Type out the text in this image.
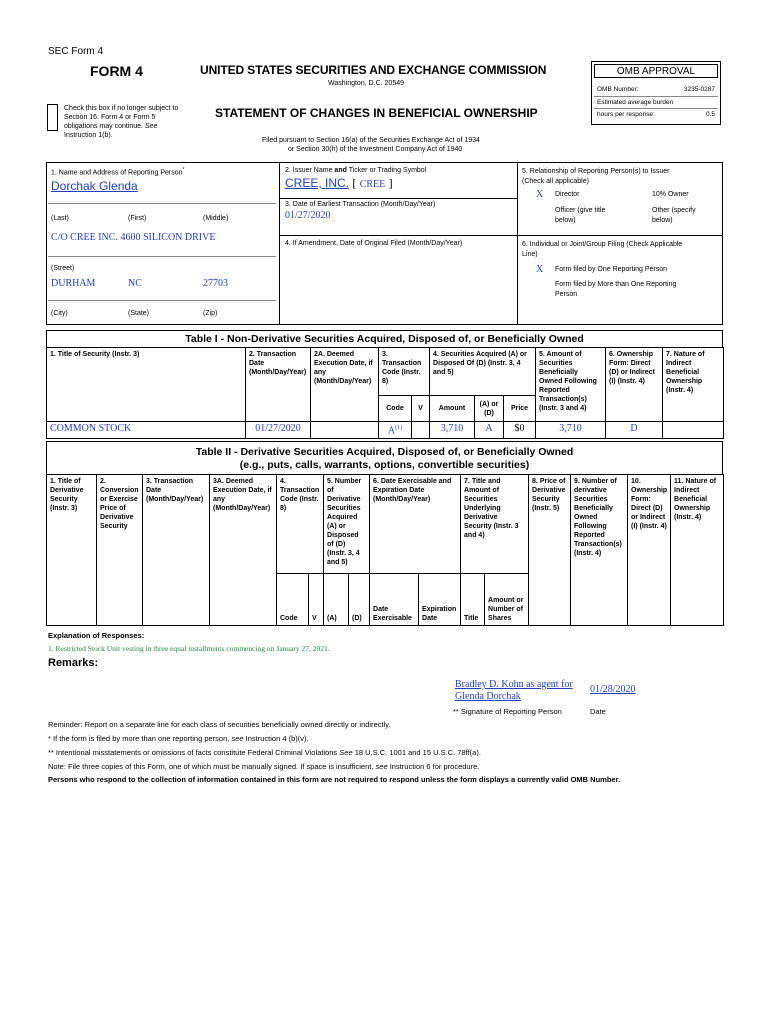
SEC Form 4
FORM 4	UNITED STATES SECURITIES AND EXCHANGE COMMISSION
Washington, D.C. 20549
Check this box if no longer subject to
Section 16. Form 4 or Form 5
obligations may continue. See
Instruction 1(b).
STATEMENT OF CHANGES IN BENEFICIAL OWNERSHIP
Filed pursuant to Section 16(a) of the Securities Exchange Act of 1934
or Section 30(h) of the Investment Company Act of 1940
OMB APPROVAL
OMB Number:	3235-0287
Estimated average burden
hours per response:	0.5
1. Name and Address of Reporting Person*
Dorchak Glenda
(Last)	(First)	(Middle)
C/O CREE INC. 4600 SILICON DRIVE
(Street)
DURHAM	NC	27703
(City)	(State)	(Zip)
2. Issuer Name and Ticker or Trading Symbol
CREE, INC. [ CREE ]
3. Date of Earliest Transaction (Month/Day/Year)
01/27/2020
4. If Amendment, Date of Original Filed (Month/Day/Year)
5. Relationship of Reporting Person(s) to Issuer
(Check all applicable)
X Director	10% Owner
Officer (give title
below)
Other (specify
below)
6. Individual or Joint/Group Filing (Check Applicable
Line)
X Form filed by One Reporting Person
Form filed by More than One Reporting
Person
Table I - Non-Derivative Securities Acquired, Disposed of, or Beneficially Owned
1. Title of Security (Instr. 3)	2. Transaction Date (Month/Day/Year)	2A. Deemed Execution Date, if any (Month/Day/Year)	3. Transaction Code (Instr. 8)		4. Securities Acquired (A) or Disposed Of (D) (Instr. 3, 4 and 5)			5. Amount of Securities Beneficially Owned Following Reported Transaction(s) (Instr. 3 and 4)	6. Ownership Form: Direct (D) or Indirect (I) (Instr. 4)	7. Nature of Indirect Beneficial Ownership (Instr. 4)
			Code	V	Amount	(A) or (D)	Price			
COMMON STOCK	01/27/2020		$A^{(1)}$		3,710	A	$0	3,710	D	
Table II - Derivative Securities Acquired, Disposed of, or Beneficially Owned
(e.g., puts, calls, warrants, options, convertible securities)
1. Title of Derivative Security (Instr. 3)	2. Conversion or Exercise Price of Derivative Security	3. Transaction Date (Month/Day/Year)	3A. Deemed Execution Date, if any (Month/Day/Year)	4. Transaction Code (Instr. 8)		5. Number of Derivative Securities Acquired (A) or Disposed of (D) (Instr. 3, 4 and 5)		6. Date Exercisable and Expiration Date (Month/Day/Year)		7. Title and Amount of Securities Underlying Derivative Security (Instr. 3 and 4)		8. Price of Derivative Security (Instr. 5)	9. Number of derivative Securities Beneficially Owned Following Reported Transaction(s) (Instr. 4)	10. Ownership Form: Direct (D) or Indirect (I) (Instr. 4)	11. Nature of Indirect Beneficial Ownership (Instr. 4)
				Code	V	(A)	(D)	Date Exercisable	Expiration Date	Title	Amount or Number of Shares				
Explanation of Responses:
1. Restricted Stock Unit vesting in three equal installments commencing on January 27, 2021.
Remarks:
Bradley D. Kohn as agent for
Glenda Dorchak
01/28/2020
** Signature of Reporting Person	Date
Reminder: Report on a separate line for each class of securities beneficially owned directly or indirectly.
* If the form is filed by more than one reporting person, see Instruction 4 (b)(v).
** Intentional misstatements or omissions of facts constitute Federal Criminal Violations See 18 U.S.C. 1001 and 15 U.S.C. 78ff(a).
Note: File three copies of this Form, one of which must be manually signed. If space is insufficient, see Instruction 6 for procedure.
Persons who respond to the collection of information contained in this form are not required to respond unless the form displays a currently valid OMB Number.
